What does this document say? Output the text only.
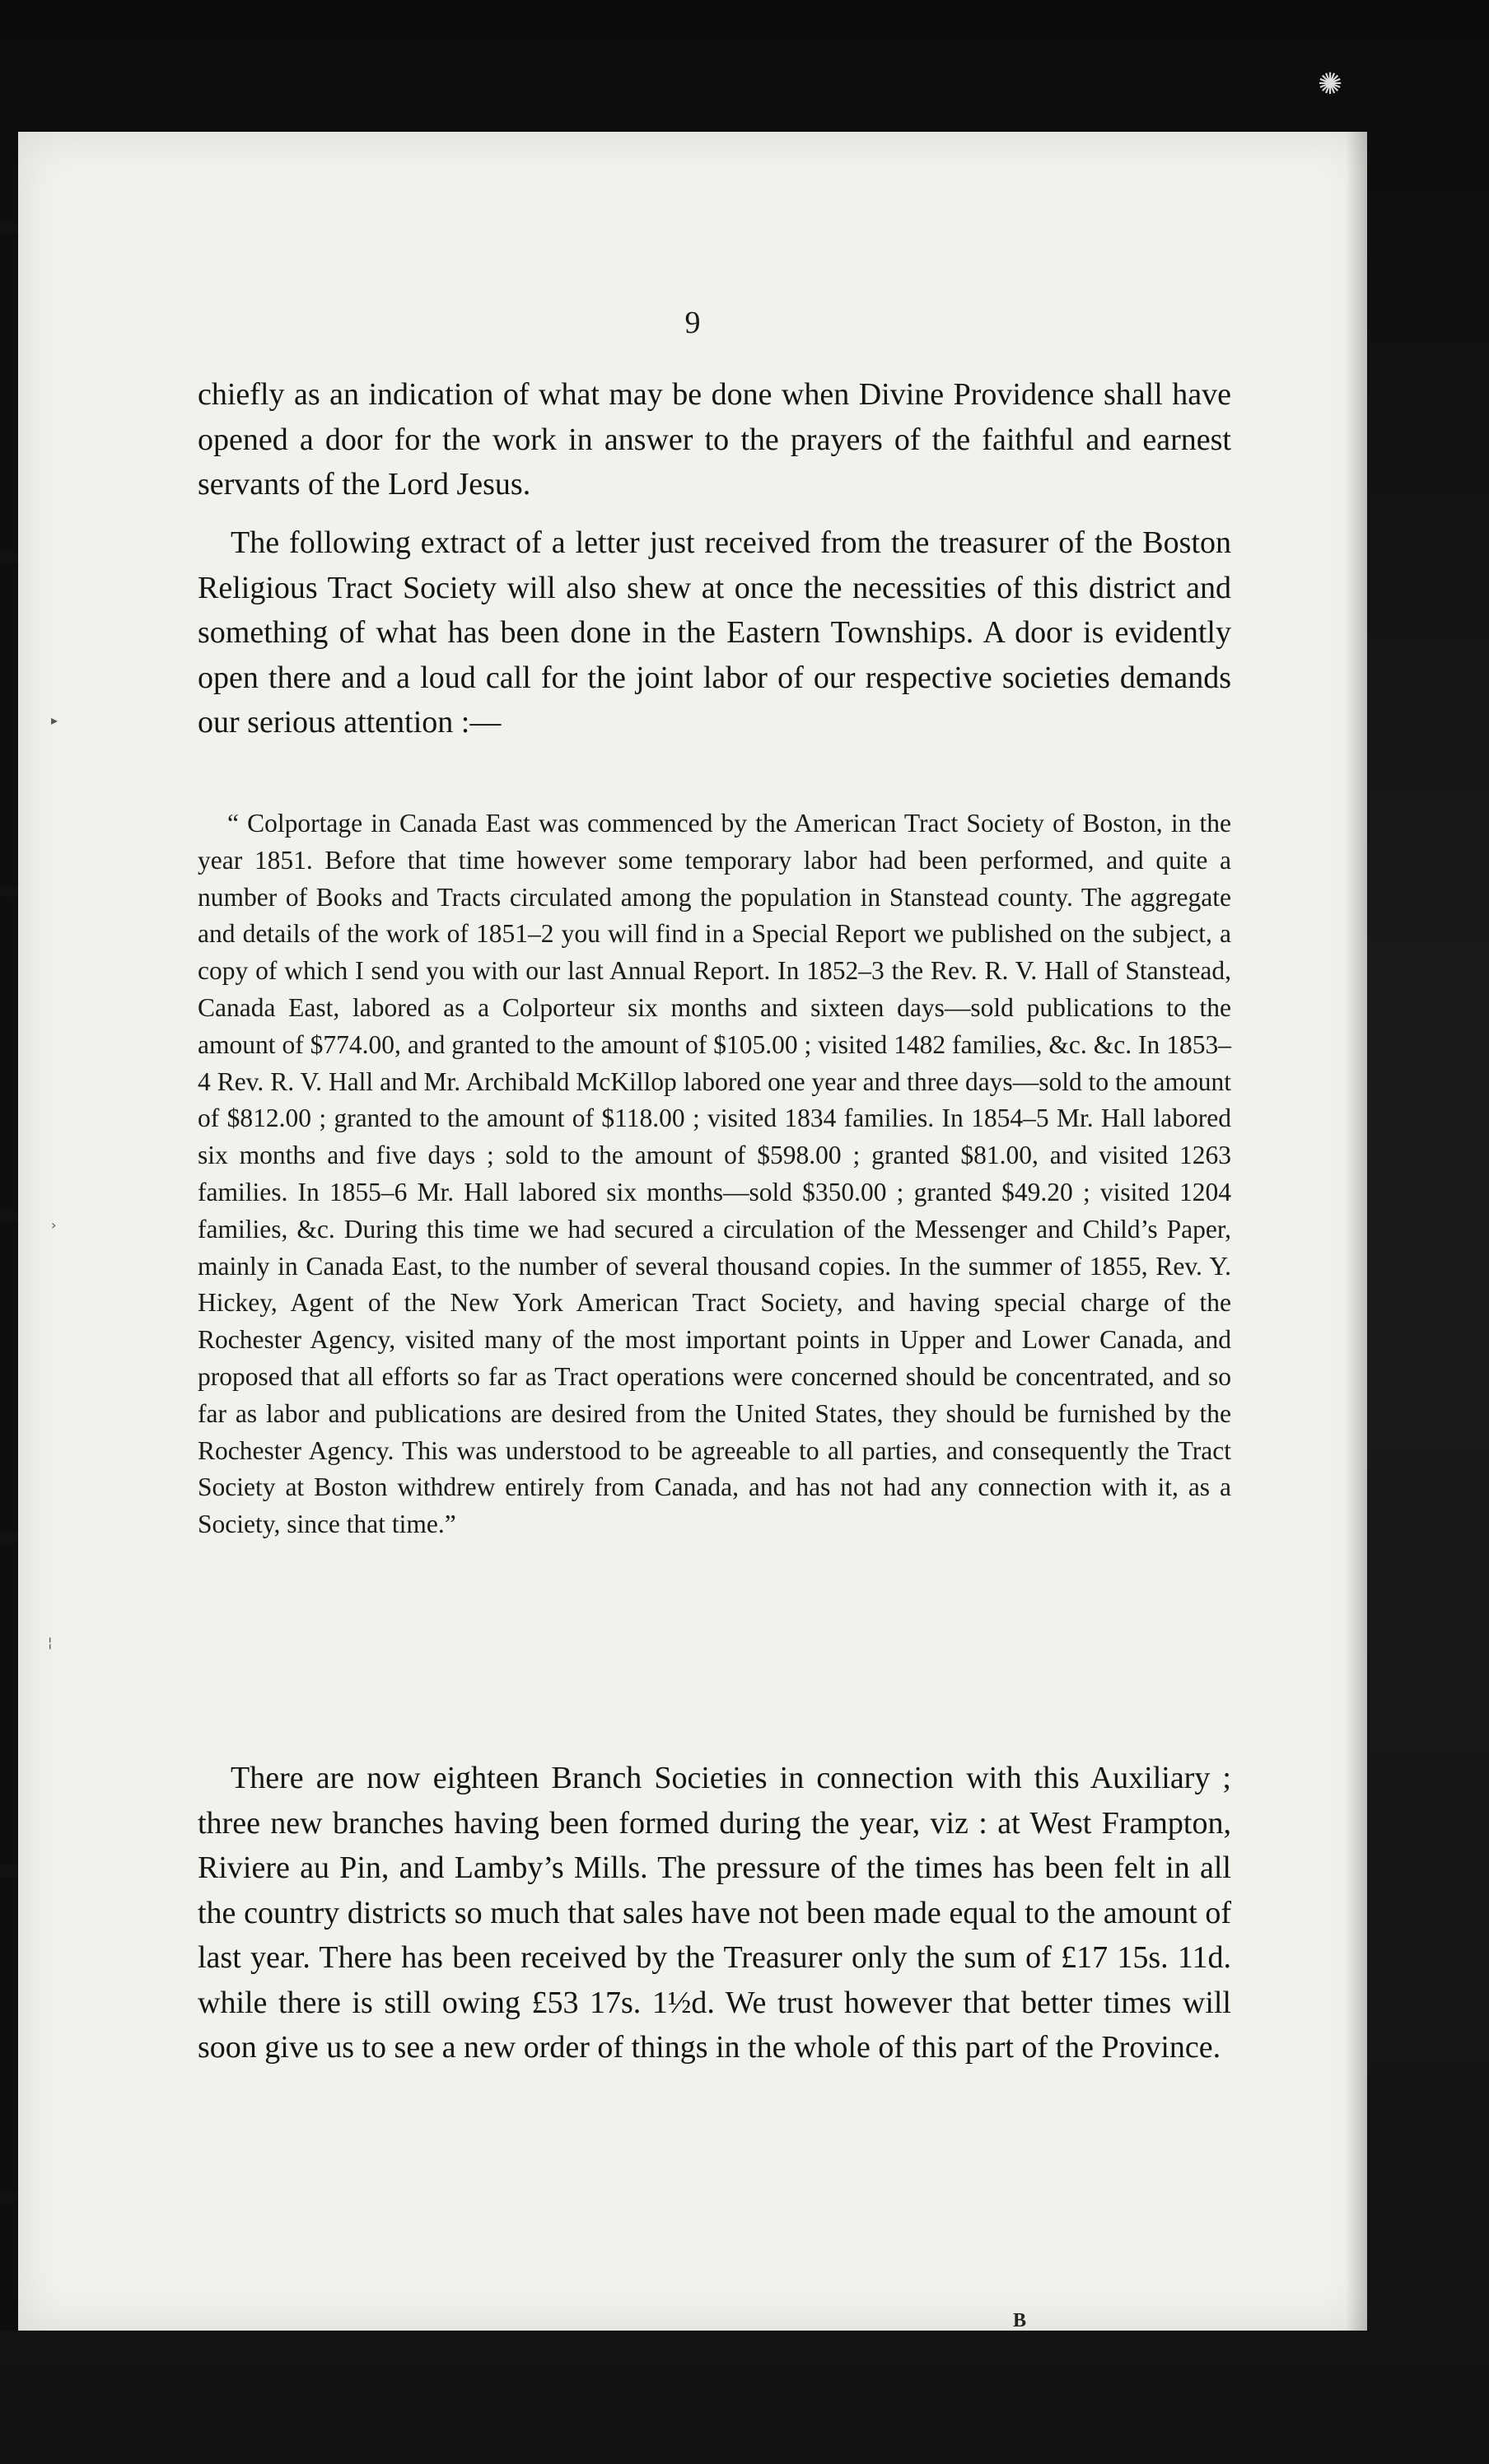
✺
9

chiefly as an indication of what may be done when Divine Providence shall have opened a door for the work in answer to the prayers of the faithful and earnest servants of the Lord Jesus.

The following extract of a letter just received from the treasurer of the Boston Religious Tract Society will also shew at once the necessities of this district and something of what has been done in the Eastern Townships. A door is evidently open there and a loud call for the joint labor of our respective societies demands our serious attention :—

“ Colportage in Canada East was commenced by the American Tract Society of Boston, in the year 1851. Before that time however some temporary labor had been performed, and quite a number of Books and Tracts circulated among the population in Stanstead county. The aggregate and details of the work of 1851–2 you will find in a Special Report we published on the subject, a copy of which I send you with our last Annual Report. In 1852–3 the Rev. R. V. Hall of Stanstead, Canada East, labored as a Colporteur six months and sixteen days—sold publications to the amount of $774.00, and granted to the amount of $105.00 ; visited 1482 families, &c. &c. In 1853–4 Rev. R. V. Hall and Mr. Archibald McKillop labored one year and three days—sold to the amount of $812.00 ; granted to the amount of $118.00 ; visited 1834 families. In 1854–5 Mr. Hall labored six months and five days ; sold to the amount of $598.00 ; granted $81.00, and visited 1263 families. In 1855–6 Mr. Hall labored six months—sold $350.00 ; granted $49.20 ; visited 1204 families, &c. During this time we had secured a circulation of the Messenger and Child’s Paper, mainly in Canada East, to the number of several thousand copies. In the summer of 1855, Rev. Y. Hickey, Agent of the New York American Tract Society, and having special charge of the Rochester Agency, visited many of the most important points in Upper and Lower Canada, and proposed that all efforts so far as Tract operations were concerned should be concentrated, and so far as labor and publications are desired from the United States, they should be furnished by the Rochester Agency. This was understood to be agreeable to all parties, and consequently the Tract Society at Boston withdrew entirely from Canada, and has not had any connection with it, as a Society, since that time.”

There are now eighteen Branch Societies in connection with this Auxiliary ; three new branches having been formed during the year, viz : at West Frampton, Riviere au Pin, and Lamby’s Mills. The pressure of the times has been felt in all the country districts so much that sales have not been made equal to the amount of last year. There has been received by the Treasurer only the sum of £17 15s. 11d. while there is still owing £53 17s. 1½d. We trust however that better times will soon give us to see a new order of things in the whole of this part of the Province.

B
▸
›
¦
